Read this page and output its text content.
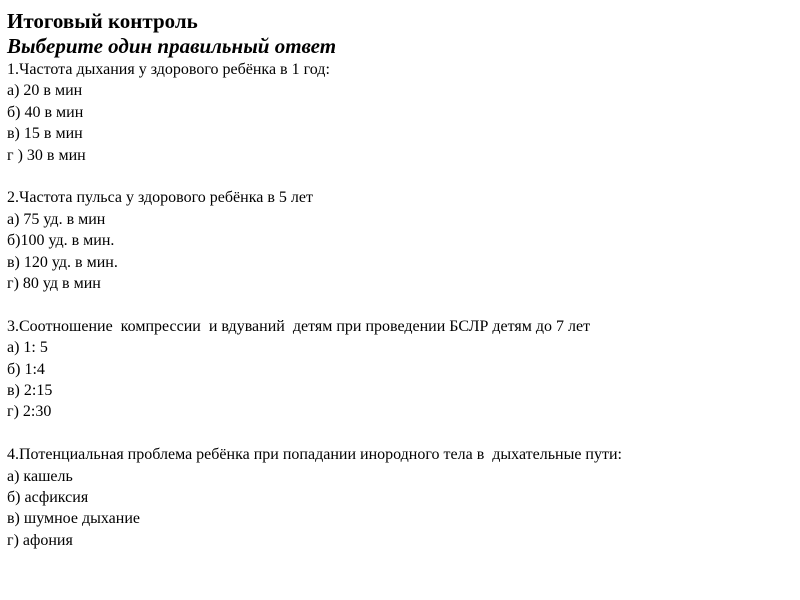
Итоговый контроль
Выберите один правильный ответ
1.Частота дыхания у здорового ребёнка в 1 год:
а) 20 в мин
б) 40 в мин
в) 15 в мин
г ) 30 в мин
2.Частота пульса у здорового ребёнка в 5 лет
а) 75 уд. в мин
б)100 уд. в мин.
в) 120 уд. в мин.
г) 80 уд в мин
3.Соотношение  компрессии  и вдуваний  детям при проведении БСЛР детям до 7 лет
а) 1: 5
б) 1:4
в) 2:15
г) 2:30
4.Потенциальная проблема ребёнка при попадании инородного тела в  дыхательные пути:
а) кашель
б) асфиксия
в) шумное дыхание
г) афония
